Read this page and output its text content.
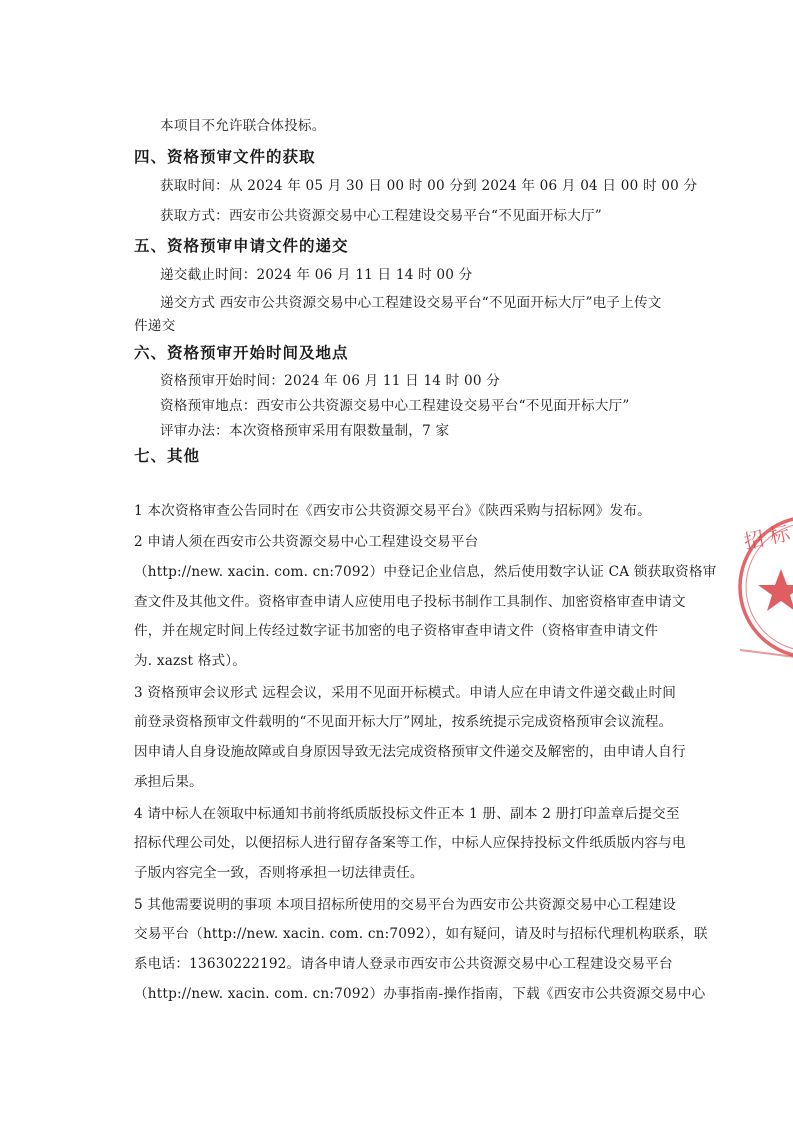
本项目不允许联合体投标。
四、资格预审文件的获取
获取时间：从 2024 年 05 月 30 日 00 时 00 分到 2024 年 06 月 04 日 00 时 00 分
获取方式：西安市公共资源交易中心工程建设交易平台“不见面开标大厅”
五、资格预审申请文件的递交
递交截止时间：2024 年 06 月 11 日 14 时 00 分
递交方式 西安市公共资源交易中心工程建设交易平台“不见面开标大厅”电子上传文
件递交
六、资格预审开始时间及地点
资格预审开始时间：2024 年 06 月 11 日 14 时 00 分
资格预审地点：西安市公共资源交易中心工程建设交易平台“不见面开标大厅”
评审办法：本次资格预审采用有限数量制，7 家
七、其他
1 本次资格审查公告同时在《西安市公共资源交易平台》《陕西采购与招标网》发布。
2 申请人须在西安市公共资源交易中心工程建设交易平台
（http://new. xacin. com. cn:7092）中登记企业信息，然后使用数字认证 CA 锁获取资格审
查文件及其他文件。资格审查申请人应使用电子投标书制作工具制作、加密资格审查申请文
件，并在规定时间上传经过数字证书加密的电子资格审查申请文件（资格审查申请文件
为. xazst 格式）。
3 资格预审会议形式 远程会议，采用不见面开标模式。申请人应在申请文件递交截止时间
前登录资格预审文件载明的“不见面开标大厅”网址，按系统提示完成资格预审会议流程。
因申请人自身设施故障或自身原因导致无法完成资格预审文件递交及解密的，由申请人自行
承担后果。
4 请中标人在领取中标通知书前将纸质版投标文件正本 1 册、副本 2 册打印盖章后提交至
招标代理公司处，以便招标人进行留存备案等工作，中标人应保持投标文件纸质版内容与电
子版内容完全一致，否则将承担一切法律责任。
5 其他需要说明的事项 本项目招标所使用的交易平台为西安市公共资源交易中心工程建设
交易平台（http://new. xacin. com. cn:7092），如有疑问，请及时与招标代理机构联系，联
系电话：13630222192。请各申请人登录市西安市公共资源交易中心工程建设交易平台
（http://new. xacin. com. cn:7092）办事指南-操作指南，下载《西安市公共资源交易中心
招 标
